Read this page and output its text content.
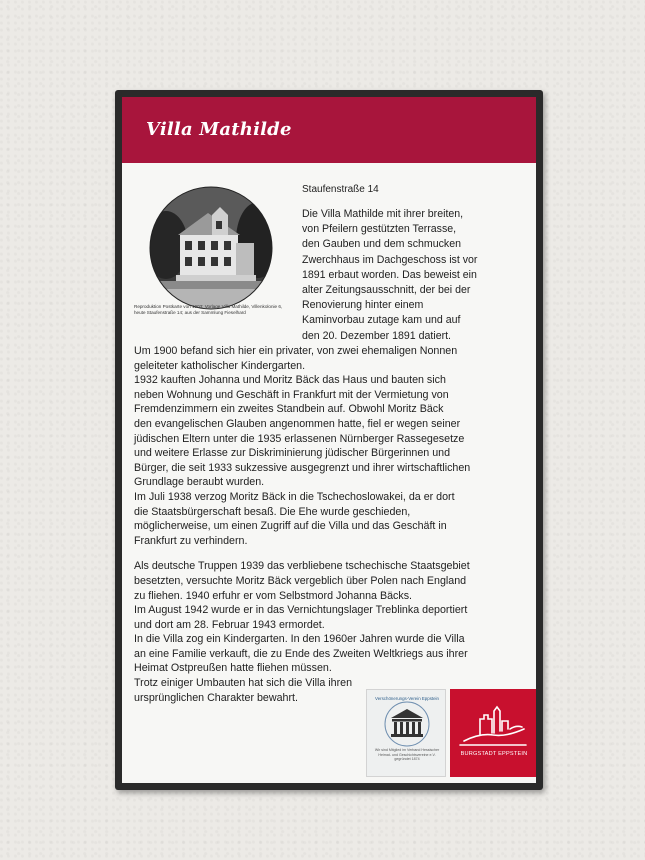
Villa Mathilde
Reproduktion Postkarte von 1903; Vorlage Villa Mathilde, Villenkolonie 6, heute Staufenstraße 14; aus der Sammlung Fieselhard
Staufenstraße 14

Die Villa Mathilde mit ihrer breiten,

von Pfeilern gestützten Terrasse,

den Gauben und dem schmucken

Zwerchhaus im Dachgeschoss ist vor

1891 erbaut worden. Das beweist ein

alter Zeitungsausschnitt, der bei der

Renovierung hinter einem

Kaminvorbau zutage kam und auf

den 20. Dezember 1891 datiert.

Um 1900 befand sich hier ein privater, von zwei ehemaligen Nonnen

geleiteter katholischer Kindergarten.

1932 kauften Johanna und Moritz Bäck das Haus und bauten sich

neben Wohnung und Geschäft in Frankfurt mit der Vermietung von

Fremdenzimmern ein zweites Standbein auf. Obwohl Moritz Bäck

den evangelischen Glauben angenommen hatte, fiel er wegen seiner

jüdischen Eltern unter die 1935 erlassenen Nürnberger Rassegesetze

und weitere Erlasse zur Diskriminierung jüdischer Bürgerinnen und

Bürger, die seit 1933 sukzessive ausgegrenzt und ihrer wirtschaftlichen

Grundlage beraubt wurden.

Im Juli 1938 verzog Moritz Bäck in die Tschechoslowakei, da er dort

die Staatsbürgerschaft besaß. Die Ehe wurde geschieden,

möglicherweise, um einen Zugriff auf die Villa und das Geschäft in

Frankfurt zu verhindern.

Als deutsche Truppen 1939 das verbliebene tschechische Staatsgebiet

besetzten, versuchte Moritz Bäck vergeblich über Polen nach England

zu fliehen. 1940 erfuhr er vom Selbstmord Johanna Bäcks.

Im August 1942 wurde er in das Vernichtungslager Treblinka deportiert

und dort am 28. Februar 1943 ermordet.

In die Villa zog ein Kindergarten. In den 1960er Jahren wurde die Villa

an eine Familie verkauft, die zu Ende des Zweiten Weltkriegs aus ihrer

Heimat Ostpreußen hatte fliehen müssen.

Trotz einiger Umbauten hat sich die Villa ihren

ursprünglichen Charakter bewahrt.	Verschönerungs-Verein Eppstein
Wir sind Mitglied im Verband Hessischer Heimat- und Geschichtsvereine e.V. gegründet 1874
BURGSTADT EPPSTEIN
